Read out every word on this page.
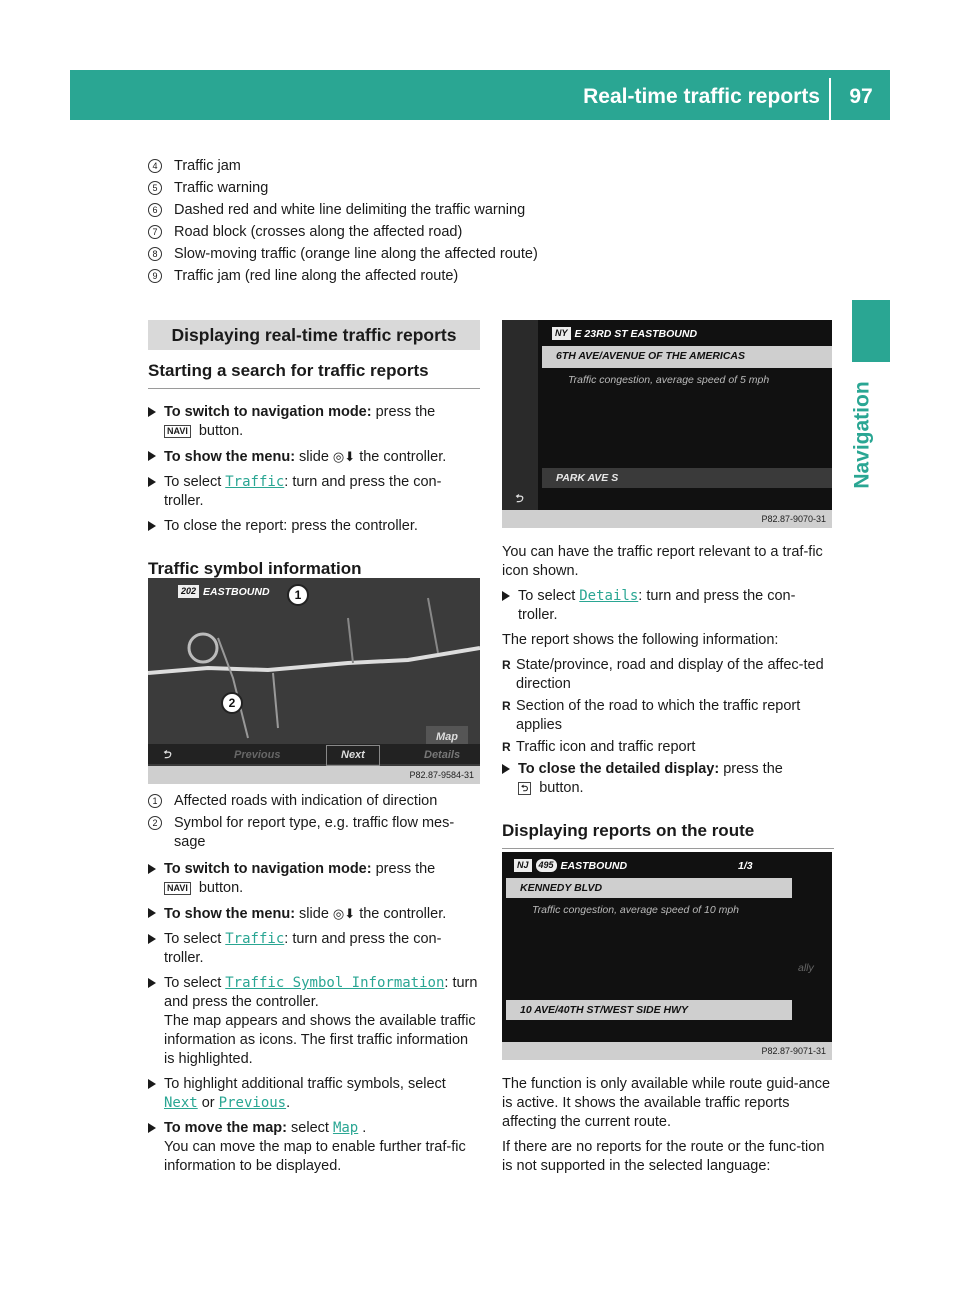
Real-time traffic reports	97
Navigation
4	Traffic jam
5	Traffic warning
6	Dashed red and white line delimiting the traffic warning
7	Road block (crosses along the affected road)
8	Slow-moving traffic (orange line along the affected route)
9	Traffic jam (red line along the affected route)
Displaying real-time traffic reports
Starting a search for traffic reports
To switch to navigation mode: press the
NAVI button.
To show the menu: slide ◎⬇ the controller.
To select Traffic: turn and press the con-troller.
To close the report: press the controller.
Traffic symbol information
202 EASTBOUND	1
2
Map
⮌	Previous	Next	Details
P82.87-9584-31
1	Affected roads with indication of direction
2	Symbol for report type, e.g. traffic flow mes-sage
To switch to navigation mode: press the
NAVI button.
To show the menu: slide ◎⬇ the controller.
To select Traffic: turn and press the con-troller.
To select Traffic Symbol Information: turn and press the controller.
The map appears and shows the available traffic information as icons. The first traffic information is highlighted.
To highlight additional traffic symbols, select Next or Previous.
To move the map: select Map .
You can move the map to enable further traf-fic information to be displayed.
NY E 23RD ST EASTBOUND
6TH AVE/AVENUE OF THE AMERICAS
Traffic congestion, average speed of 5 mph
PARK AVE S
⮌
P82.87-9070-31
You can have the traffic report relevant to a traf-fic icon shown.
To select Details: turn and press the con-troller.
The report shows the following information:
R State/province, road and display of the affec-ted direction
R Section of the road to which the traffic report applies
R Traffic icon and traffic report
To close the detailed display: press the
⮌ button.
Displaying reports on the route
NJ 495 EASTBOUND	1/3
KENNEDY BLVD
Traffic congestion, average speed of 10 mph
ally
10 AVE/40TH ST/WEST SIDE HWY
P82.87-9071-31
The function is only available while route guid-ance is active. It shows the available traffic reports affecting the current route.
If there are no reports for the route or the func-tion is not supported in the selected language:
